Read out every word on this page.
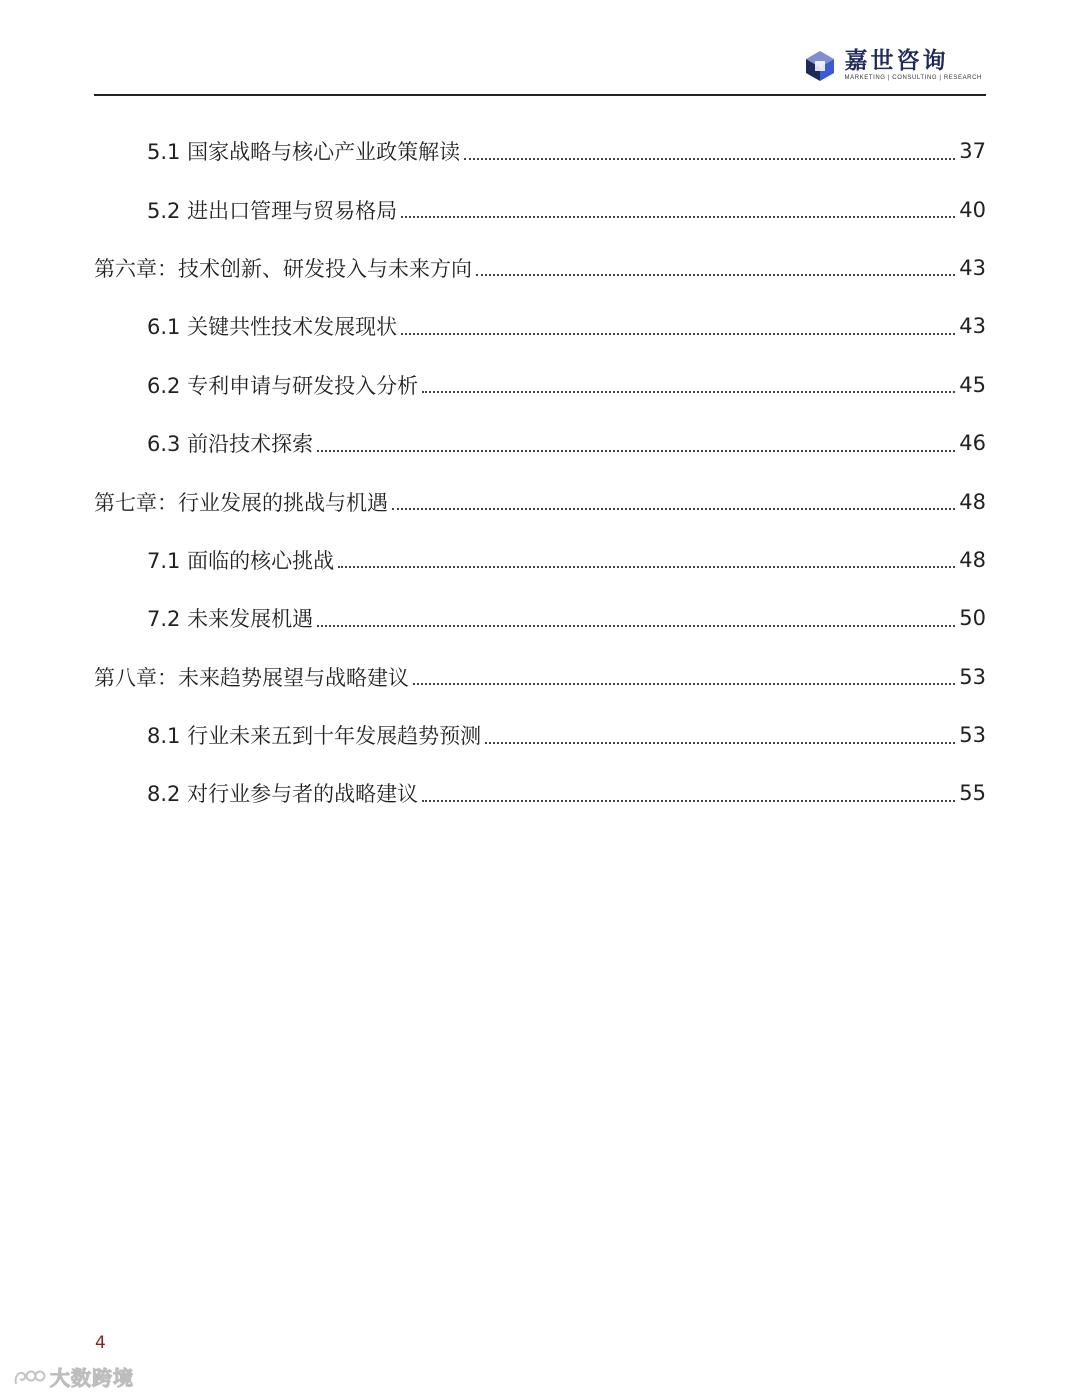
嘉世咨询
MARKETING | CONSULTING | RESEARCH
5.1 国家战略与核心产业政策解读	37
5.2 进出口管理与贸易格局	40
第六章：技术创新、研发投入与未来方向	43
6.1 关键共性技术发展现状	43
6.2 专利申请与研发投入分析	45
6.3 前沿技术探索	46
第七章：行业发展的挑战与机遇	48
7.1 面临的核心挑战	48
7.2 未来发展机遇	50
第八章：未来趋势展望与战略建议	53
8.1 行业未来五到十年发展趋势预测	53
8.2 对行业参与者的战略建议	55
4
大数跨境
